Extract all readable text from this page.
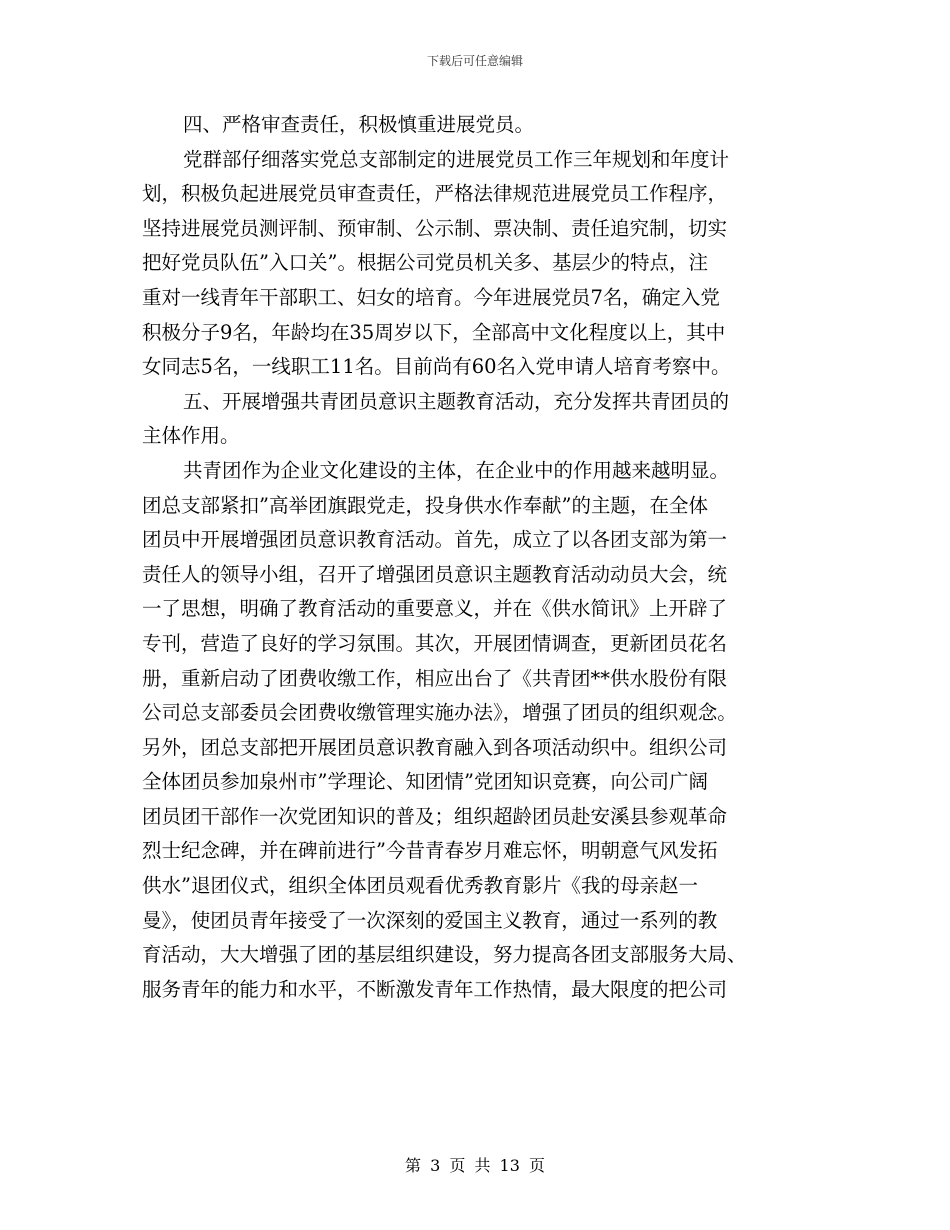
下载后可任意编辑
四、严格审查责任，积极慎重进展党员。
党群部仔细落实党总支部制定的进展党员工作三年规划和年度计
划，积极负起进展党员审查责任，严格法律规范进展党员工作程序，
坚持进展党员测评制、预审制、公示制、票决制、责任追究制，切实
把好党员队伍”入口关”。根据公司党员机关多、基层少的特点，注
重对一线青年干部职工、妇女的培育。今年进展党员7名，确定入党
积极分子9名，年龄均在35周岁以下，全部高中文化程度以上，其中
女同志5名，一线职工11名。目前尚有60名入党申请人培育考察中。
五、开展增强共青团员意识主题教育活动，充分发挥共青团员的
主体作用。
共青团作为企业文化建设的主体，在企业中的作用越来越明显。
团总支部紧扣”高举团旗跟党走，投身供水作奉献”的主题，在全体
团员中开展增强团员意识教育活动。首先，成立了以各团支部为第一
责任人的领导小组，召开了增强团员意识主题教育活动动员大会，统
一了思想，明确了教育活动的重要意义，并在《供水简讯》上开辟了
专刊，营造了良好的学习氛围。其次，开展团情调查，更新团员花名
册，重新启动了团费收缴工作，相应出台了《共青团**供水股份有限
公司总支部委员会团费收缴管理实施办法》，增强了团员的组织观念。
另外，团总支部把开展团员意识教育融入到各项活动织中。组织公司
全体团员参加泉州市”学理论、知团情”党团知识竞赛，向公司广阔
团员团干部作一次党团知识的普及；组织超龄团员赴安溪县参观革命
烈士纪念碑，并在碑前进行”今昔青春岁月难忘怀，明朝意气风发拓
供水”退团仪式，组织全体团员观看优秀教育影片《我的母亲赵一
曼》，使团员青年接受了一次深刻的爱国主义教育，通过一系列的教
育活动，大大增强了团的基层组织建设，努力提高各团支部服务大局、
服务青年的能力和水平，不断激发青年工作热情，最大限度的把公司
第 3 页 共 13 页
